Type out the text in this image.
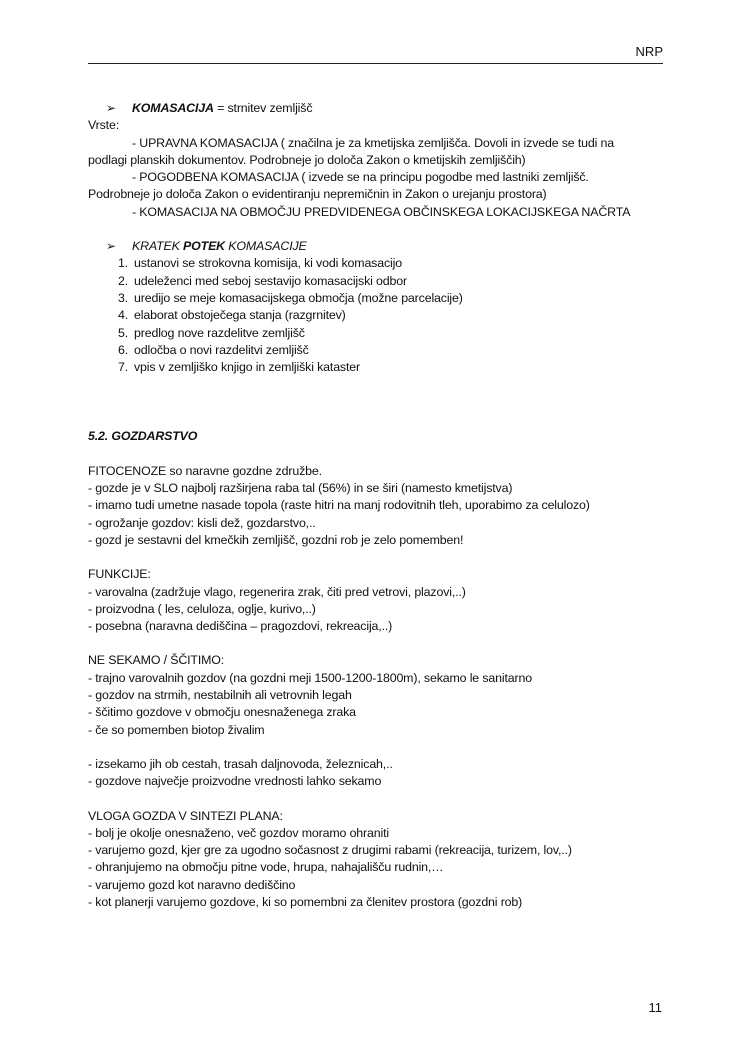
NRP
➢ KOMASACIJA = strnitev zemljišč
Vrste:
- UPRAVNA KOMASACIJA ( značilna je za kmetijska zemljišča. Dovoli in izvede se tudi na
podlagi planskih dokumentov. Podrobneje jo določa Zakon o kmetijskih zemljiščih)
- POGODBENA KOMASACIJA ( izvede se na principu pogodbe med lastniki zemljišč.
Podrobneje jo določa Zakon o evidentiranju nepremičnin in Zakon o urejanju prostora)
- KOMASACIJA NA OBMOČJU PREDVIDENEGA OBČINSKEGA LOKACIJSKEGA NAČRTA
➢ KRATEK POTEK KOMASACIJE
1. ustanovi se strokovna komisija, ki vodi komasacijo
2. udeleženci med seboj sestavijo komasacijski odbor
3. uredijo se meje komasacijskega območja (možne parcelacije)
4. elaborat obstoječega stanja (razgrnitev)
5. predlog nove razdelitve zemljišč
6. odločba o novi razdelitvi zemljišč
7. vpis v zemljiško knjigo in zemljiški kataster
5.2. GOZDARSTVO
FITOCENOZE so naravne gozdne združbe.
- gozde je v SLO najbolj razširjena raba tal (56%) in se širi (namesto kmetijstva)
- imamo tudi umetne nasade topola (raste hitri na manj rodovitnih tleh, uporabimo za celulozo)
- ogrožanje gozdov: kisli dež, gozdarstvo,..
- gozd je sestavni del kmečkih zemljišč, gozdni rob je zelo pomemben!
FUNKCIJE:
- varovalna (zadržuje vlago, regenerira zrak, čiti pred vetrovi, plazovi,..)
- proizvodna ( les, celuloza, oglje, kurivo,..)
- posebna (naravna dediščina – pragozdovi, rekreacija,..)
NE SEKAMO / ŠČITIMO:
- trajno varovalnih gozdov (na gozdni meji 1500-1200-1800m), sekamo le sanitarno
- gozdov na strmih, nestabilnih ali vetrovnih legah
- ščitimo gozdove v območju onesnaženega zraka
- če so pomemben biotop živalim
- izsekamo jih ob cestah, trasah daljnovoda, železnicah,..
- gozdove največje proizvodne vrednosti lahko sekamo
VLOGA GOZDA V SINTEZI PLANA:
- bolj je okolje onesnaženo, več gozdov moramo ohraniti
- varujemo gozd, kjer gre za ugodno sočasnost z drugimi rabami (rekreacija, turizem, lov,..)
- ohranjujemo na območju pitne vode, hrupa, nahajališču rudnin,…
- varujemo gozd kot naravno dediščino
- kot planerji varujemo gozdove, ki so pomembni za členitev prostora (gozdni rob)
11
